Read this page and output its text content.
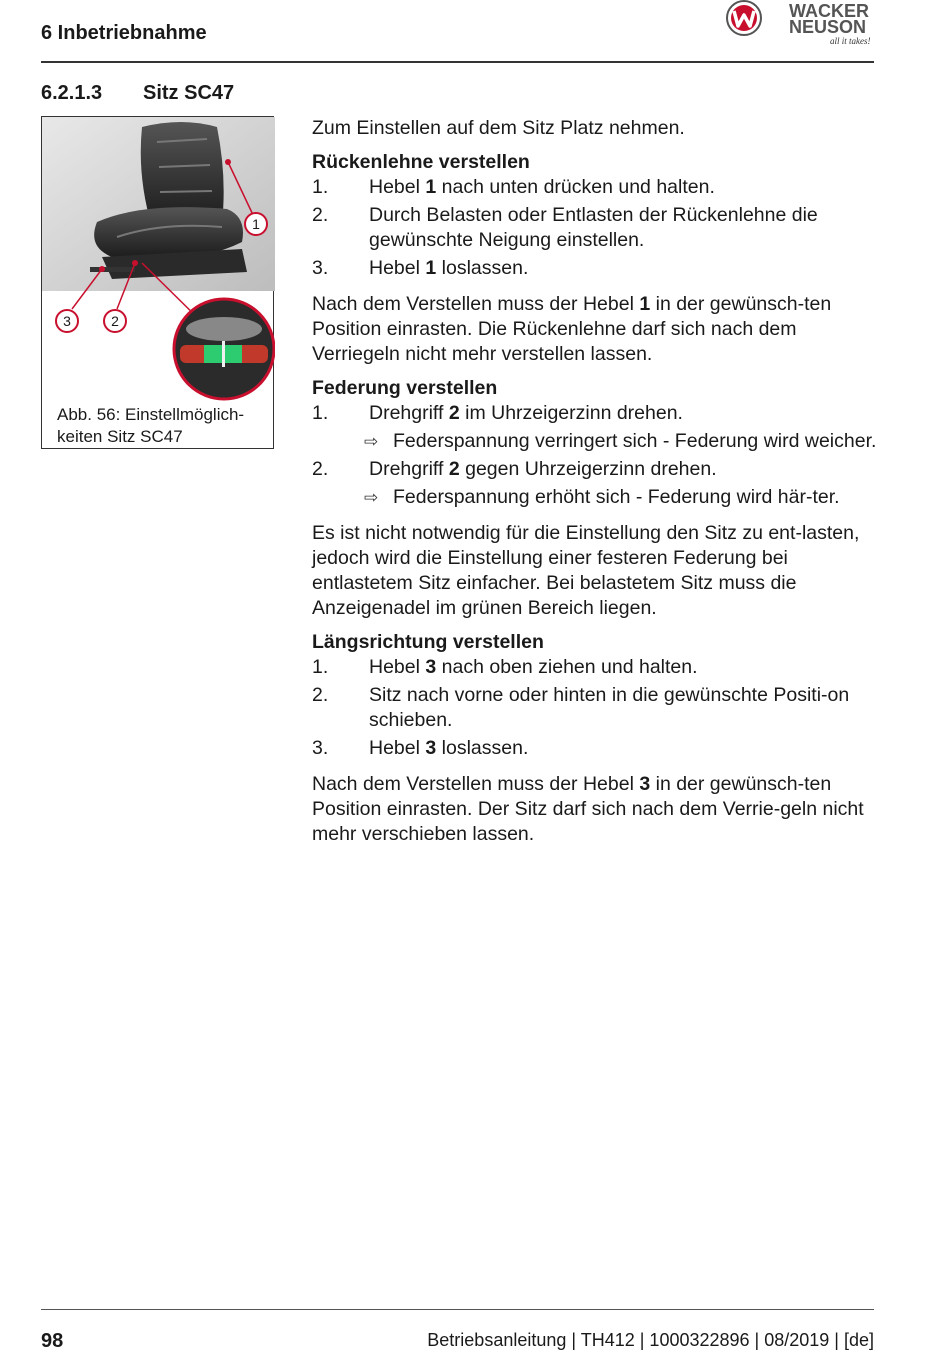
6 Inbetriebnahme
WACKER
NEUSON
all it takes!
6.2.1.3 Sitz SC47
1
2
3
Abb. 56: Einstellmöglich-
keiten Sitz SC47

Zum Einstellen auf dem Sitz Platz nehmen.

Rückenlehne verstellen

1. Hebel 1 nach unten drücken und halten.
2. Durch Belasten oder Entlasten der Rückenlehne die gewünschte Neigung einstellen.
3. Hebel 1 loslassen.

Nach dem Verstellen muss der Hebel 1 in der gewünsch-ten Position einrasten. Die Rückenlehne darf sich nach dem Verriegeln nicht mehr verstellen lassen.

Federung verstellen

1. Drehgriff 2 im Uhrzeigerzinn drehen.
⇨ Federspannung verringert sich - Federung wird weicher.
2. Drehgriff 2 gegen Uhrzeigerzinn drehen.
⇨ Federspannung erhöht sich - Federung wird här-ter.

Es ist nicht notwendig für die Einstellung den Sitz zu ent-lasten, jedoch wird die Einstellung einer festeren Federung bei entlastetem Sitz einfacher. Bei belastetem Sitz muss die Anzeigenadel im grünen Bereich liegen.

Längsrichtung verstellen

1. Hebel 3 nach oben ziehen und halten.
2. Sitz nach vorne oder hinten in die gewünschte Positi-on schieben.
3. Hebel 3 loslassen.

Nach dem Verstellen muss der Hebel 3 in der gewünsch-ten Position einrasten. Der Sitz darf sich nach dem Verrie-geln nicht mehr verschieben lassen.

98	Betriebsanleitung | TH412 | 1000322896 | 08/2019 | [de]
